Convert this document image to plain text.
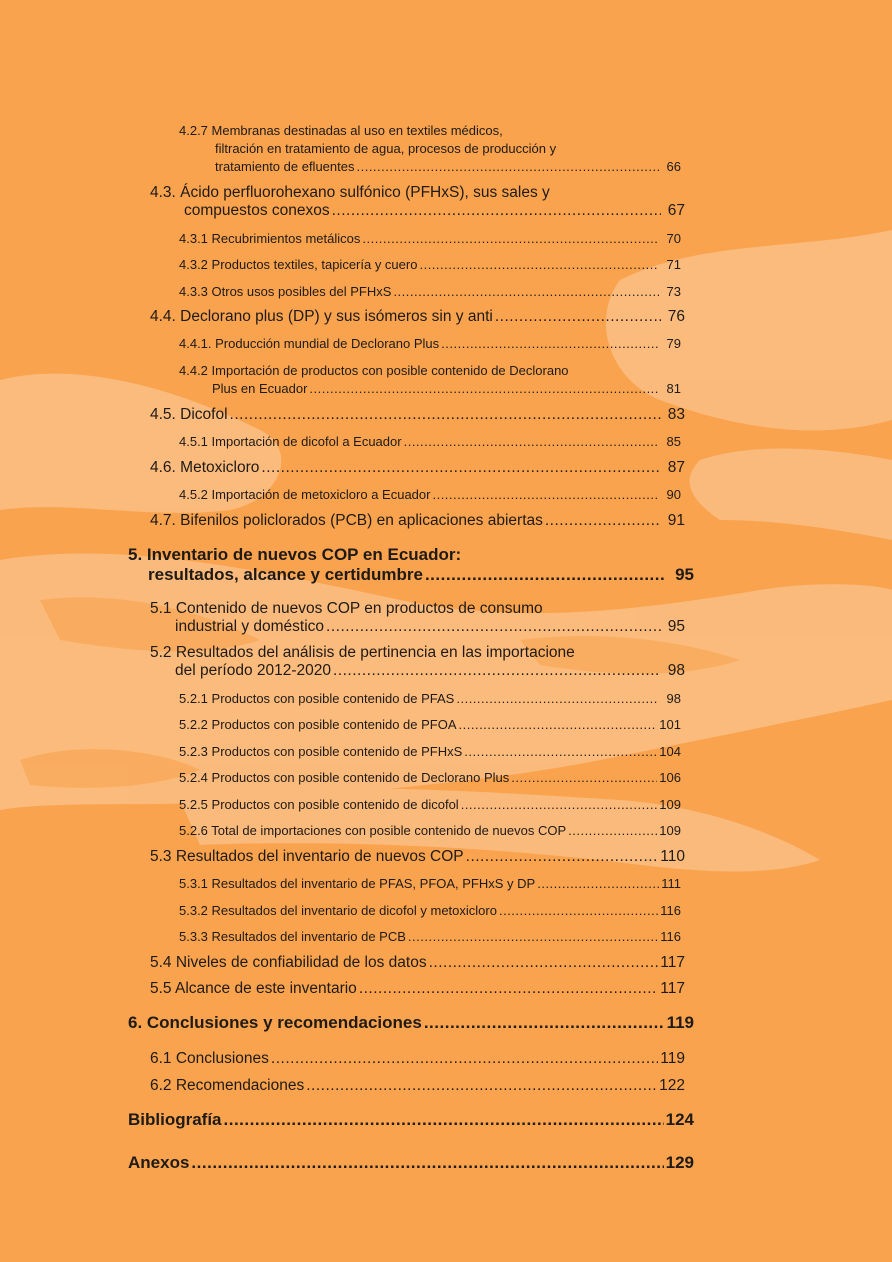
4.2.7 Membranas destinadas al uso en textiles médicos,
filtración en tratamiento de agua, procesos de producción y
tratamiento de efluentes .....	66
4.3. Ácido perfluorohexano sulfónico (PFHxS), sus sales y
compuestos conexos .....	67
4.3.1 Recubrimientos metálicos .....	70
4.3.2 Productos textiles, tapicería y cuero .....	71
4.3.3 Otros usos posibles del PFHxS .....	73
4.4. Declorano plus (DP) y sus isómeros sin y anti .....	76
4.4.1. Producción mundial de Declorano Plus .....	79
4.4.2 Importación de productos con posible contenido de Declorano
Plus en Ecuador .....	81
4.5. Dicofol .....	83
4.5.1 Importación de dicofol a Ecuador .....	85
4.6. Metoxicloro .....	87
4.5.2 Importación de metoxicloro a Ecuador .....	90
4.7. Bifenilos policlorados (PCB) en aplicaciones abiertas .....	91
5. Inventario de nuevos COP en Ecuador:
resultados, alcance y certidumbre .....	95
5.1 Contenido de nuevos COP en productos de consumo
industrial y doméstico .....	95
5.2 Resultados del análisis de pertinencia en las importacione
del período 2012-2020 .....	98
5.2.1 Productos con posible contenido de PFAS .....	98
5.2.2 Productos con posible contenido de PFOA .....	101
5.2.3 Productos con posible contenido de PFHxS .....	104
5.2.4 Productos con posible contenido de Declorano Plus .....	106
5.2.5 Productos con posible contenido de dicofol .....	109
5.2.6 Total de importaciones con posible contenido de nuevos COP .....	109
5.3 Resultados del inventario de nuevos COP .....	110
5.3.1 Resultados del inventario de PFAS, PFOA, PFHxS y DP .....	111
5.3.2 Resultados del inventario de dicofol y metoxicloro .....	116
5.3.3 Resultados del inventario de PCB .....	116
5.4 Niveles de confiabilidad de los datos .....	117
5.5 Alcance de este inventario .....	117
6. Conclusiones y recomendaciones .....	119
6.1 Conclusiones .....	119
6.2 Recomendaciones .....	122
Bibliografía .....	124
Anexos .....	129
